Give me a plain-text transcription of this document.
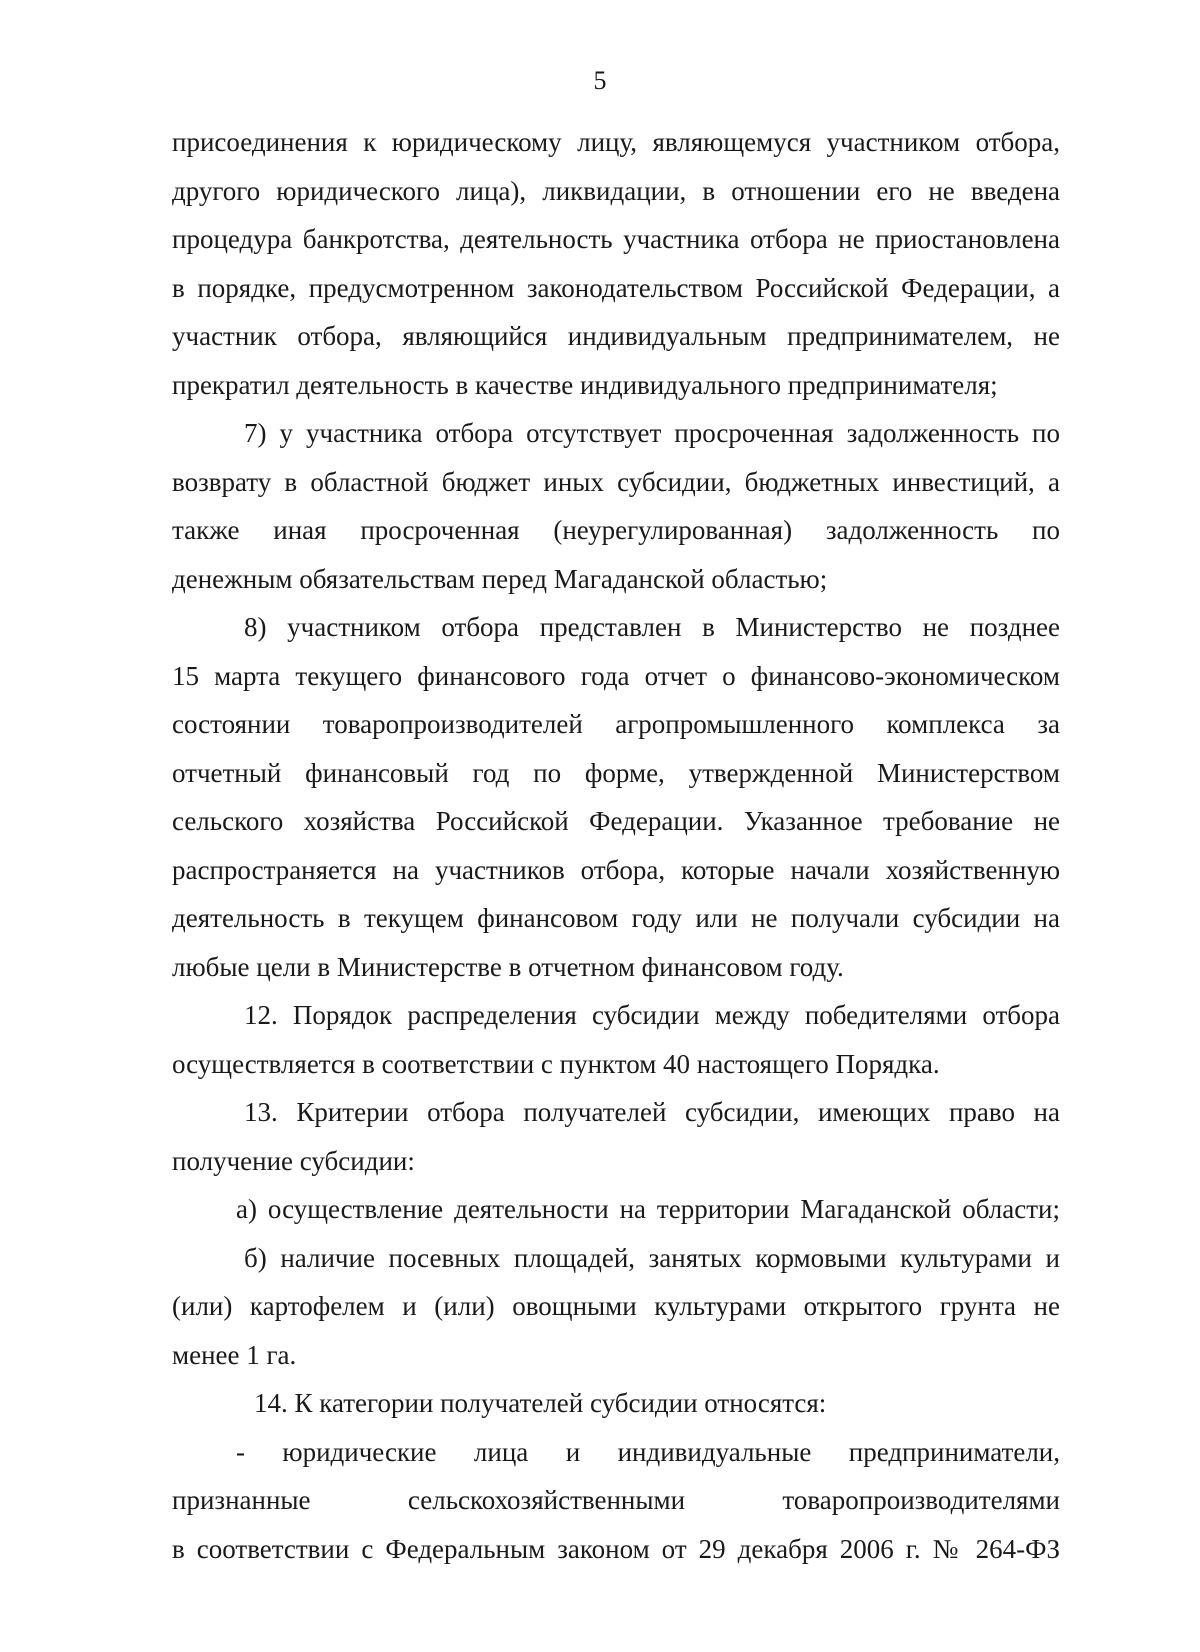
5
присоединения к юридическому лицу, являющемуся участником отбора,
другого юридического лица), ликвидации, в отношении его не введена
процедура банкротства, деятельность участника отбора не приостановлена
в порядке, предусмотренном законодательством Российской Федерации, а
участник отбора, являющийся индивидуальным предпринимателем, не
прекратил деятельность в качестве индивидуального предпринимателя;
7) у участника отбора отсутствует просроченная задолженность по
возврату в областной бюджет иных субсидии, бюджетных инвестиций, а
также иная просроченная (неурегулированная) задолженность по
денежным обязательствам перед Магаданской областью;
8) участником отбора представлен в Министерство не позднее
15 марта текущего финансового года отчет о финансово-экономическом
состоянии товаропроизводителей агропромышленного комплекса за
отчетный финансовый год по форме, утвержденной Министерством
сельского хозяйства Российской Федерации. Указанное требование не
распространяется на участников отбора, которые начали хозяйственную
деятельность в текущем финансовом году или не получали субсидии на
любые цели в Министерстве в отчетном финансовом году.
12. Порядок распределения субсидии между победителями отбора
осуществляется в соответствии с пунктом 40 настоящего Порядка.
13. Критерии отбора получателей субсидии, имеющих право на
получение субсидии:
а) осуществление деятельности на территории Магаданской области;
б) наличие посевных площадей, занятых кормовыми культурами и
(или) картофелем и (или) овощными культурами открытого грунта не
менее 1 га.
14. К категории получателей субсидии относятся:
- юридические лица и индивидуальные предприниматели,
признанные сельскохозяйственными товаропроизводителями
в соответствии с Федеральным законом от 29 декабря 2006 г. № 264-ФЗ
